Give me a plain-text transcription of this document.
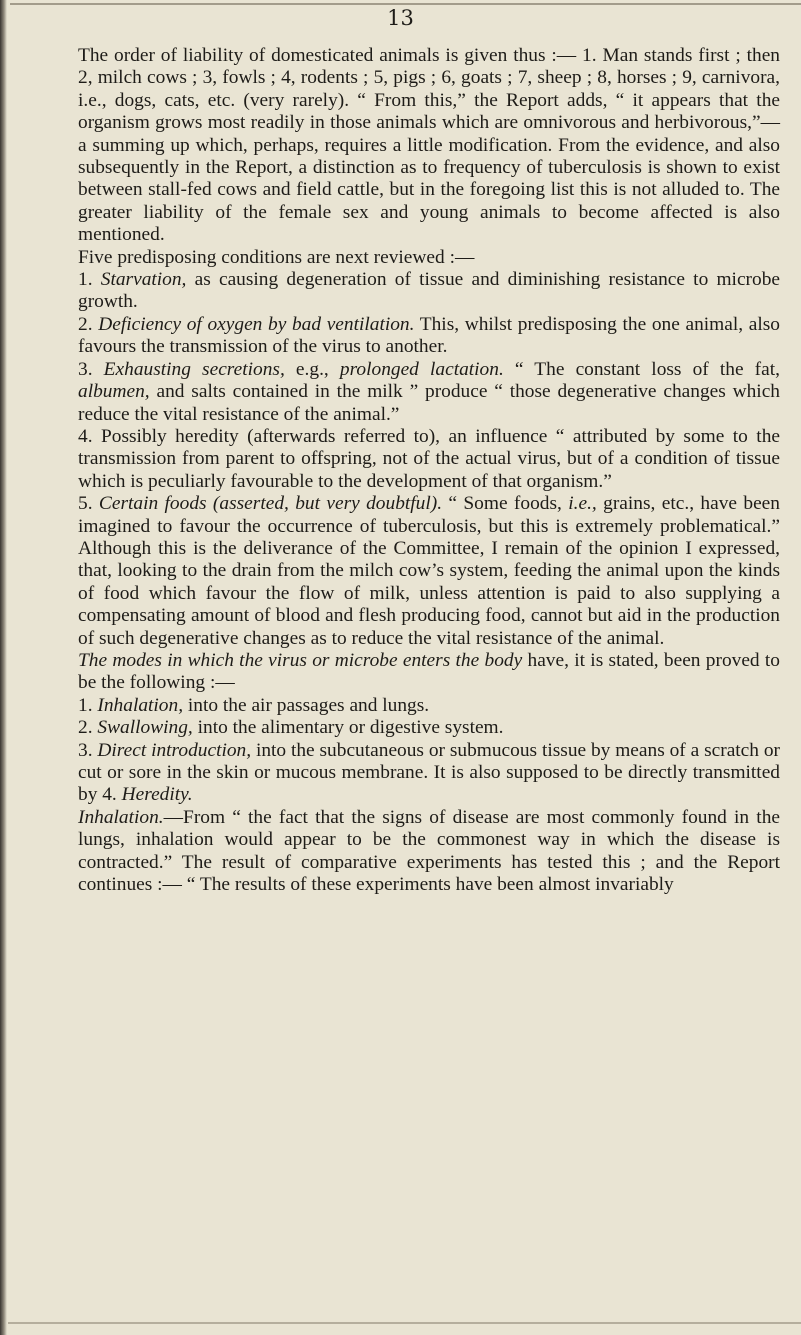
13

The order of liability of domesticated animals is given thus :— 1. Man stands first ; then 2, milch cows ; 3, fowls ; 4, rodents ; 5, pigs ; 6, goats ; 7, sheep ; 8, horses ; 9, carnivora, i.e., dogs, cats, etc. (very rarely). “ From this,” the Report adds, “ it appears that the organism grows most readily in those animals which are omnivorous and herbivorous,”—a summing up which, perhaps, requires a little modification. From the evidence, and also subsequently in the Report, a distinction as to frequency of tuberculosis is shown to exist between stall-fed cows and field cattle, but in the foregoing list this is not alluded to. The greater liability of the female sex and young animals to become affected is also mentioned.

Five predisposing conditions are next reviewed :—

1. Starvation, as causing degeneration of tissue and diminishing resistance to microbe growth.

2. Deficiency of oxygen by bad ventilation. This, whilst predisposing the one animal, also favours the transmission of the virus to another.

3. Exhausting secretions, e.g., prolonged lactation. “ The constant loss of the fat, albumen, and salts contained in the milk ” produce “ those degenerative changes which reduce the vital resistance of the animal.”

4. Possibly heredity (afterwards referred to), an influence “ attributed by some to the transmission from parent to offspring, not of the actual virus, but of a condition of tissue which is peculiarly favourable to the development of that organism.”

5. Certain foods (asserted, but very doubtful). “ Some foods, i.e., grains, etc., have been imagined to favour the occurrence of tuberculosis, but this is extremely problematical.” Although this is the deliverance of the Committee, I remain of the opinion I expressed, that, looking to the drain from the milch cow’s system, feeding the animal upon the kinds of food which favour the flow of milk, unless attention is paid to also supplying a compensating amount of blood and flesh producing food, cannot but aid in the production of such degenerative changes as to reduce the vital resistance of the animal.

The modes in which the virus or microbe enters the body have, it is stated, been proved to be the following :—

1. Inhalation, into the air passages and lungs.

2. Swallowing, into the alimentary or digestive system.

3. Direct introduction, into the subcutaneous or submucous tissue by means of a scratch or cut or sore in the skin or mucous membrane. It is also supposed to be directly transmitted by 4. Heredity.

Inhalation.—From “ the fact that the signs of disease are most commonly found in the lungs, inhalation would appear to be the commonest way in which the disease is contracted.” The result of comparative experiments has tested this ; and the Report continues :— “ The results of these experiments have been almost invariably
